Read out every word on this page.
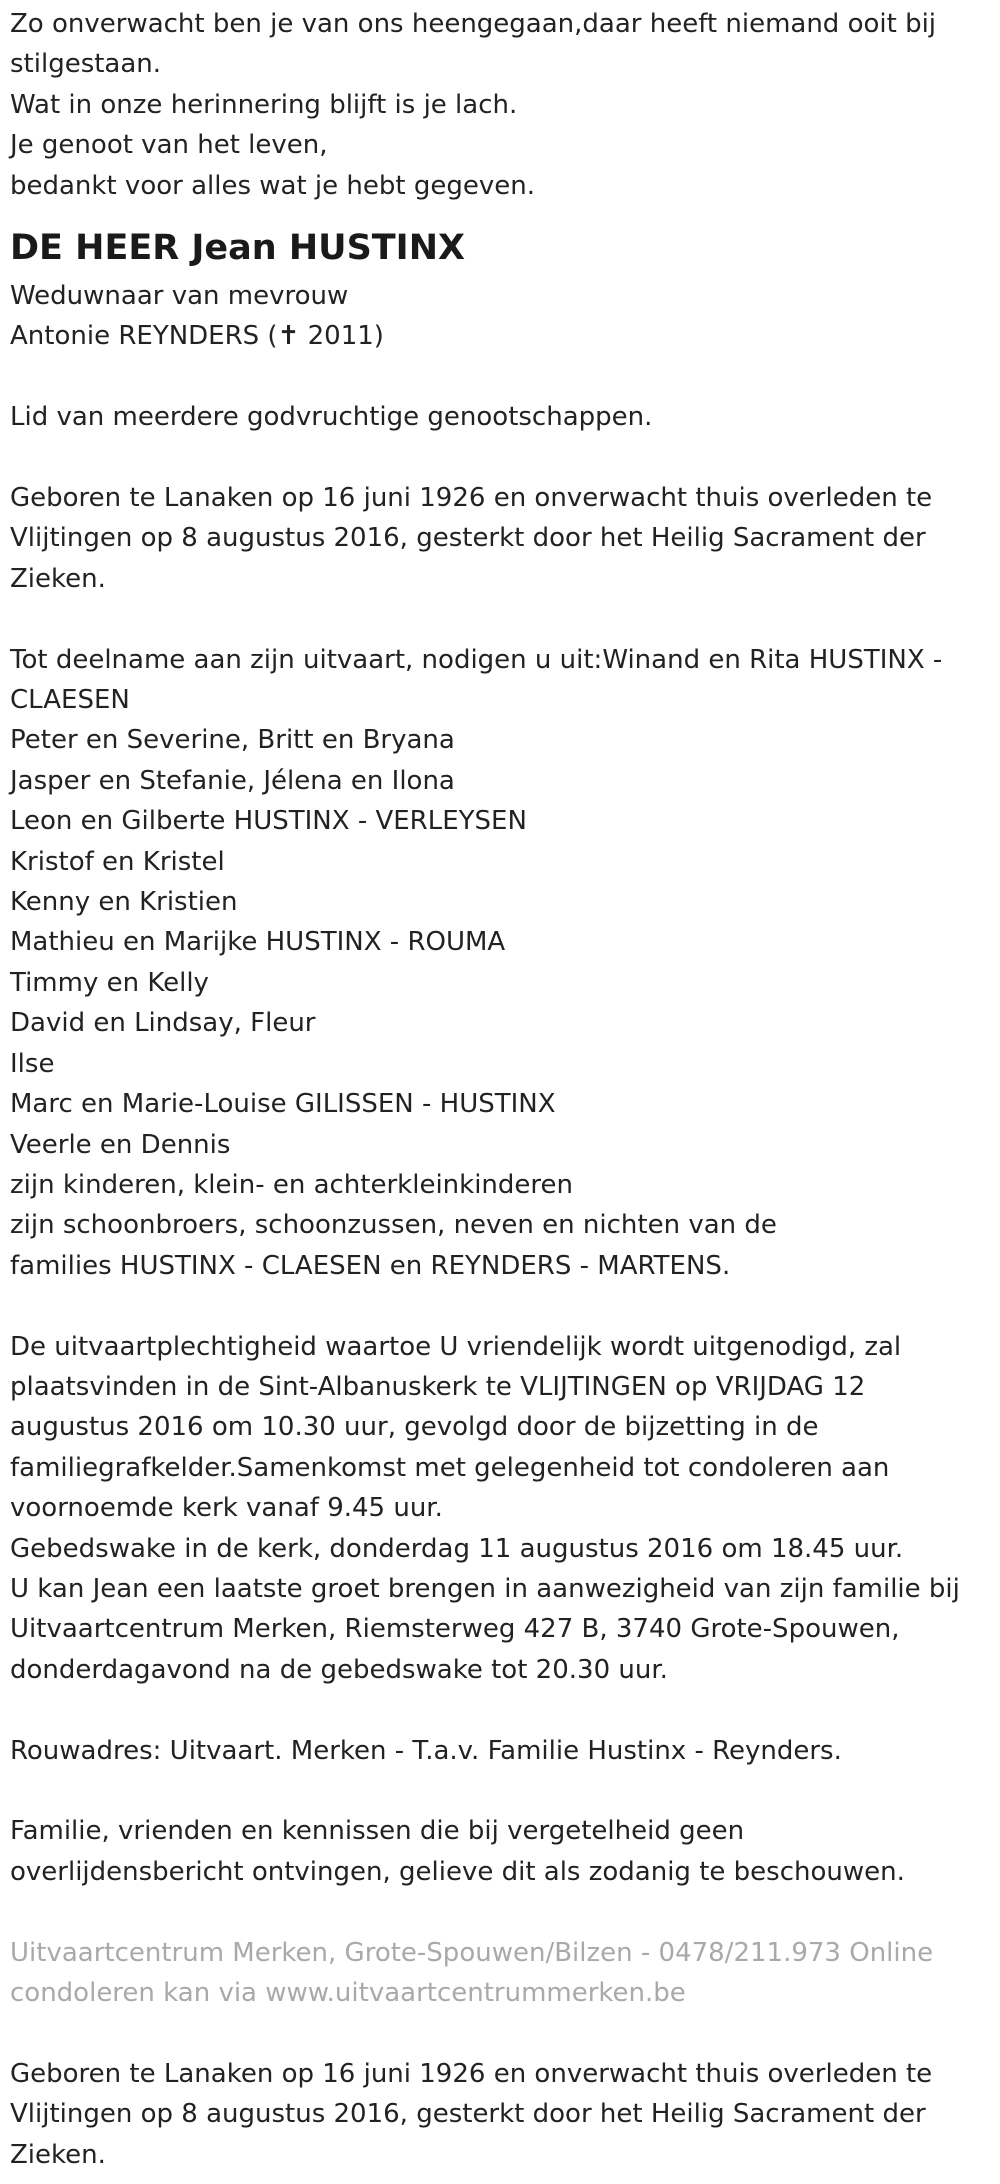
Zo onverwacht ben je van ons heengegaan,daar heeft niemand ooit bij
stilgestaan.
Wat in onze herinnering blijft is je lach.
Je genoot van het leven,
bedankt voor alles wat je hebt gegeven.
DE HEER Jean HUSTINX
Weduwnaar van mevrouw
Antonie REYNDERS (✝ 2011)
Lid van meerdere godvruchtige genootschappen.
Geboren te Lanaken op 16 juni 1926 en onverwacht thuis overleden te
Vlijtingen op 8 augustus 2016, gesterkt door het Heilig Sacrament der
Zieken.
Tot deelname aan zijn uitvaart, nodigen u uit:Winand en Rita HUSTINX -
CLAESEN
Peter en Severine, Britt en Bryana
Jasper en Stefanie, Jélena en Ilona
Leon en Gilberte HUSTINX - VERLEYSEN
Kristof en Kristel
Kenny en Kristien
Mathieu en Marijke HUSTINX - ROUMA
Timmy en Kelly
David en Lindsay, Fleur
Ilse
Marc en Marie-Louise GILISSEN - HUSTINX
Veerle en Dennis
zijn kinderen, klein- en achterkleinkinderen
zijn schoonbroers, schoonzussen, neven en nichten van de
families HUSTINX - CLAESEN en REYNDERS - MARTENS.
De uitvaartplechtigheid waartoe U vriendelijk wordt uitgenodigd, zal
plaatsvinden in de Sint-Albanuskerk te VLIJTINGEN op VRIJDAG 12
augustus 2016 om 10.30 uur, gevolgd door de bijzetting in de
familiegrafkelder.Samenkomst met gelegenheid tot condoleren aan
voornoemde kerk vanaf 9.45 uur.
Gebedswake in de kerk, donderdag 11 augustus 2016 om 18.45 uur.
U kan Jean een laatste groet brengen in aanwezigheid van zijn familie bij
Uitvaartcentrum Merken, Riemsterweg 427 B, 3740 Grote-Spouwen,
donderdagavond na de gebedswake tot 20.30 uur.
Rouwadres: Uitvaart. Merken - T.a.v. Familie Hustinx - Reynders.
Familie, vrienden en kennissen die bij vergetelheid geen
overlijdensbericht ontvingen, gelieve dit als zodanig te beschouwen.
Uitvaartcentrum Merken, Grote-Spouwen/Bilzen - 0478/211.973 Online
condoleren kan via www.uitvaartcentrummerken.be
Geboren te Lanaken op 16 juni 1926 en onverwacht thuis overleden te
Vlijtingen op 8 augustus 2016, gesterkt door het Heilig Sacrament der
Zieken.
